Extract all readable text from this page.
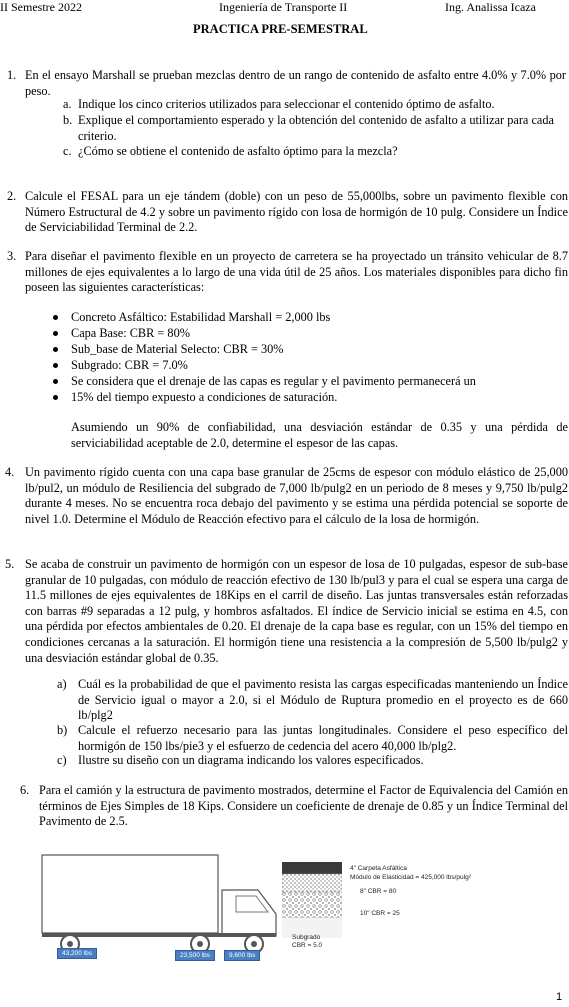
II Semestre 2022	Ingeniería de Transporte II	Ing. Analissa Icaza
PRACTICA PRE-SEMESTRAL
1. En el ensayo Marshall se prueban mezclas dentro de un rango de contenido de asfalto entre 4.0% y 7.0% por peso.
a. Indique los cinco criterios utilizados para seleccionar el contenido óptimo de asfalto.
b. Explique el comportamiento esperado y la obtención del contenido de asfalto a utilizar para cada criterio.
c. ¿Cómo se obtiene el contenido de asfalto óptimo para la mezcla?
2. Calcule el FESAL para un eje tándem (doble) con un peso de 55,000lbs, sobre un pavimento flexible con Número Estructural de 4.2 y sobre un pavimento rígido con losa de hormigón de 10 pulg. Considere un Índice de Serviciabilidad Terminal de 2.2.
3. Para diseñar el pavimento flexible en un proyecto de carretera se ha proyectado un tránsito vehicular de 8.7 millones de ejes equivalentes a lo largo de una vida útil de 25 años. Los materiales disponibles para dicho fin poseen las siguientes características:
Concreto Asfáltico: Estabilidad Marshall = 2,000 lbs
Capa Base: CBR = 80%
Sub_base de Material Selecto: CBR = 30%
Subgrado: CBR = 7.0%
Se considera que el drenaje de las capas es regular y el pavimento permanecerá un
15% del tiempo expuesto a condiciones de saturación.
Asumiendo un 90% de confiabilidad, una desviación estándar de 0.35 y una pérdida de serviciabilidad aceptable de 2.0, determine el espesor de las capas.
4. Un pavimento rígido cuenta con una capa base granular de 25cms de espesor con módulo elástico de 25,000 lb/pul2, un módulo de Resiliencia del subgrado de 7,000 lb/pulg2 en un periodo de 8 meses y 9,750 lb/pulg2 durante 4 meses. No se encuentra roca debajo del pavimento y se estima una pérdida potencial se soporte de nivel 1.0. Determine el Módulo de Reacción efectivo para el cálculo de la losa de hormigón.
5. Se acaba de construir un pavimento de hormigón con un espesor de losa de 10 pulgadas, espesor de sub-base granular de 10 pulgadas, con módulo de reacción efectivo de 130 lb/pul3 y para el cual se espera una carga de 11.5 millones de ejes equivalentes de 18Kips en el carril de diseño. Las juntas transversales están reforzadas con barras #9 separadas a 12 pulg, y hombros asfaltados. El índice de Servicio inicial se estima en 4.5, con una pérdida por efectos ambientales de 0.20. El drenaje de la capa base es regular, con un 15% del tiempo en condiciones cercanas a la saturación. El hormigón tiene una resistencia a la compresión de 5,500 lb/pulg2 y una desviación estándar global de 0.35.
a) Cuál es la probabilidad de que el pavimento resista las cargas especificadas manteniendo un Índice de Servicio igual o mayor a 2.0, si el Módulo de Ruptura promedio en el proyecto es de 660 lb/plg2
b) Calcule el refuerzo necesario para las juntas longitudinales. Considere el peso específico del hormigón de 150 lbs/pie3 y el esfuerzo de cedencia del acero 40,000 lb/plg2.
c) Ilustre su diseño con un diagrama indicando los valores especificados.
6. Para el camión y la estructura de pavimento mostrados, determine el Factor de Equivalencia del Camión en términos de Ejes Simples de 18 Kips. Considere un coeficiente de drenaje de 0.85 y un Índice Terminal del Pavimento de 2.5.
43,200 lbs	23,500 lbs	9,600 lbs
4" Carpeta Asfáltica
Módulo de Elasticidad = 425,000 lbs/pulg²
8" CBR = 80
10" CBR = 25
Subgrado
CBR = 5.0
1
